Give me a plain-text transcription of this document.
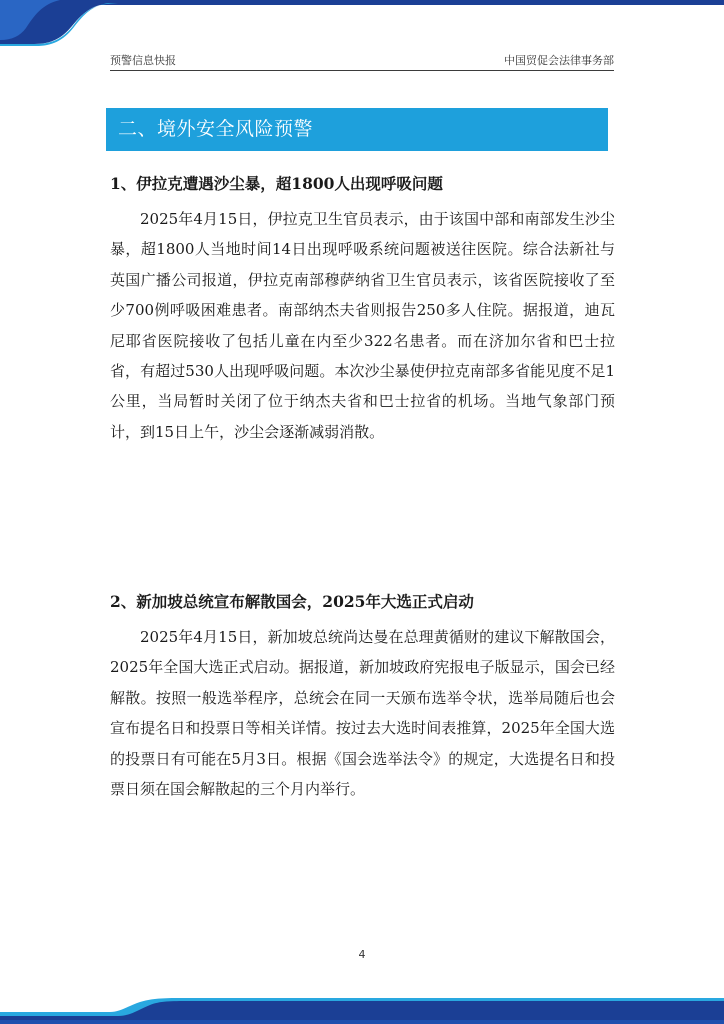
预警信息快报	中国贸促会法律事务部
二、境外安全风险预警
1、伊拉克遭遇沙尘暴，超1800人出现呼吸问题

2025年4月15日，伊拉克卫生官员表示，由于该国中部和南部发生沙尘暴，超1800人当地时间14日出现呼吸系统问题被送往医院。综合法新社与英国广播公司报道，伊拉克南部穆萨纳省卫生官员表示，该省医院接收了至少700例呼吸困难患者。南部纳杰夫省则报告250多人住院。据报道，迪瓦尼耶省医院接收了包括儿童在内至少322名患者。而在济加尔省和巴士拉省，有超过530人出现呼吸问题。本次沙尘暴使伊拉克南部多省能见度不足1公里，当局暂时关闭了位于纳杰夫省和巴士拉省的机场。当地气象部门预计，到15日上午，沙尘会逐渐减弱消散。

2、新加坡总统宣布解散国会，2025年大选正式启动

2025年4月15日，新加坡总统尚达曼在总理黄循财的建议下解散国会，2025年全国大选正式启动。据报道，新加坡政府宪报电子版显示，国会已经解散。按照一般选举程序，总统会在同一天颁布选举令状，选举局随后也会宣布提名日和投票日等相关详情。按过去大选时间表推算，2025年全国大选的投票日有可能在5月3日。根据《国会选举法令》的规定，大选提名日和投票日须在国会解散起的三个月内举行。

4
